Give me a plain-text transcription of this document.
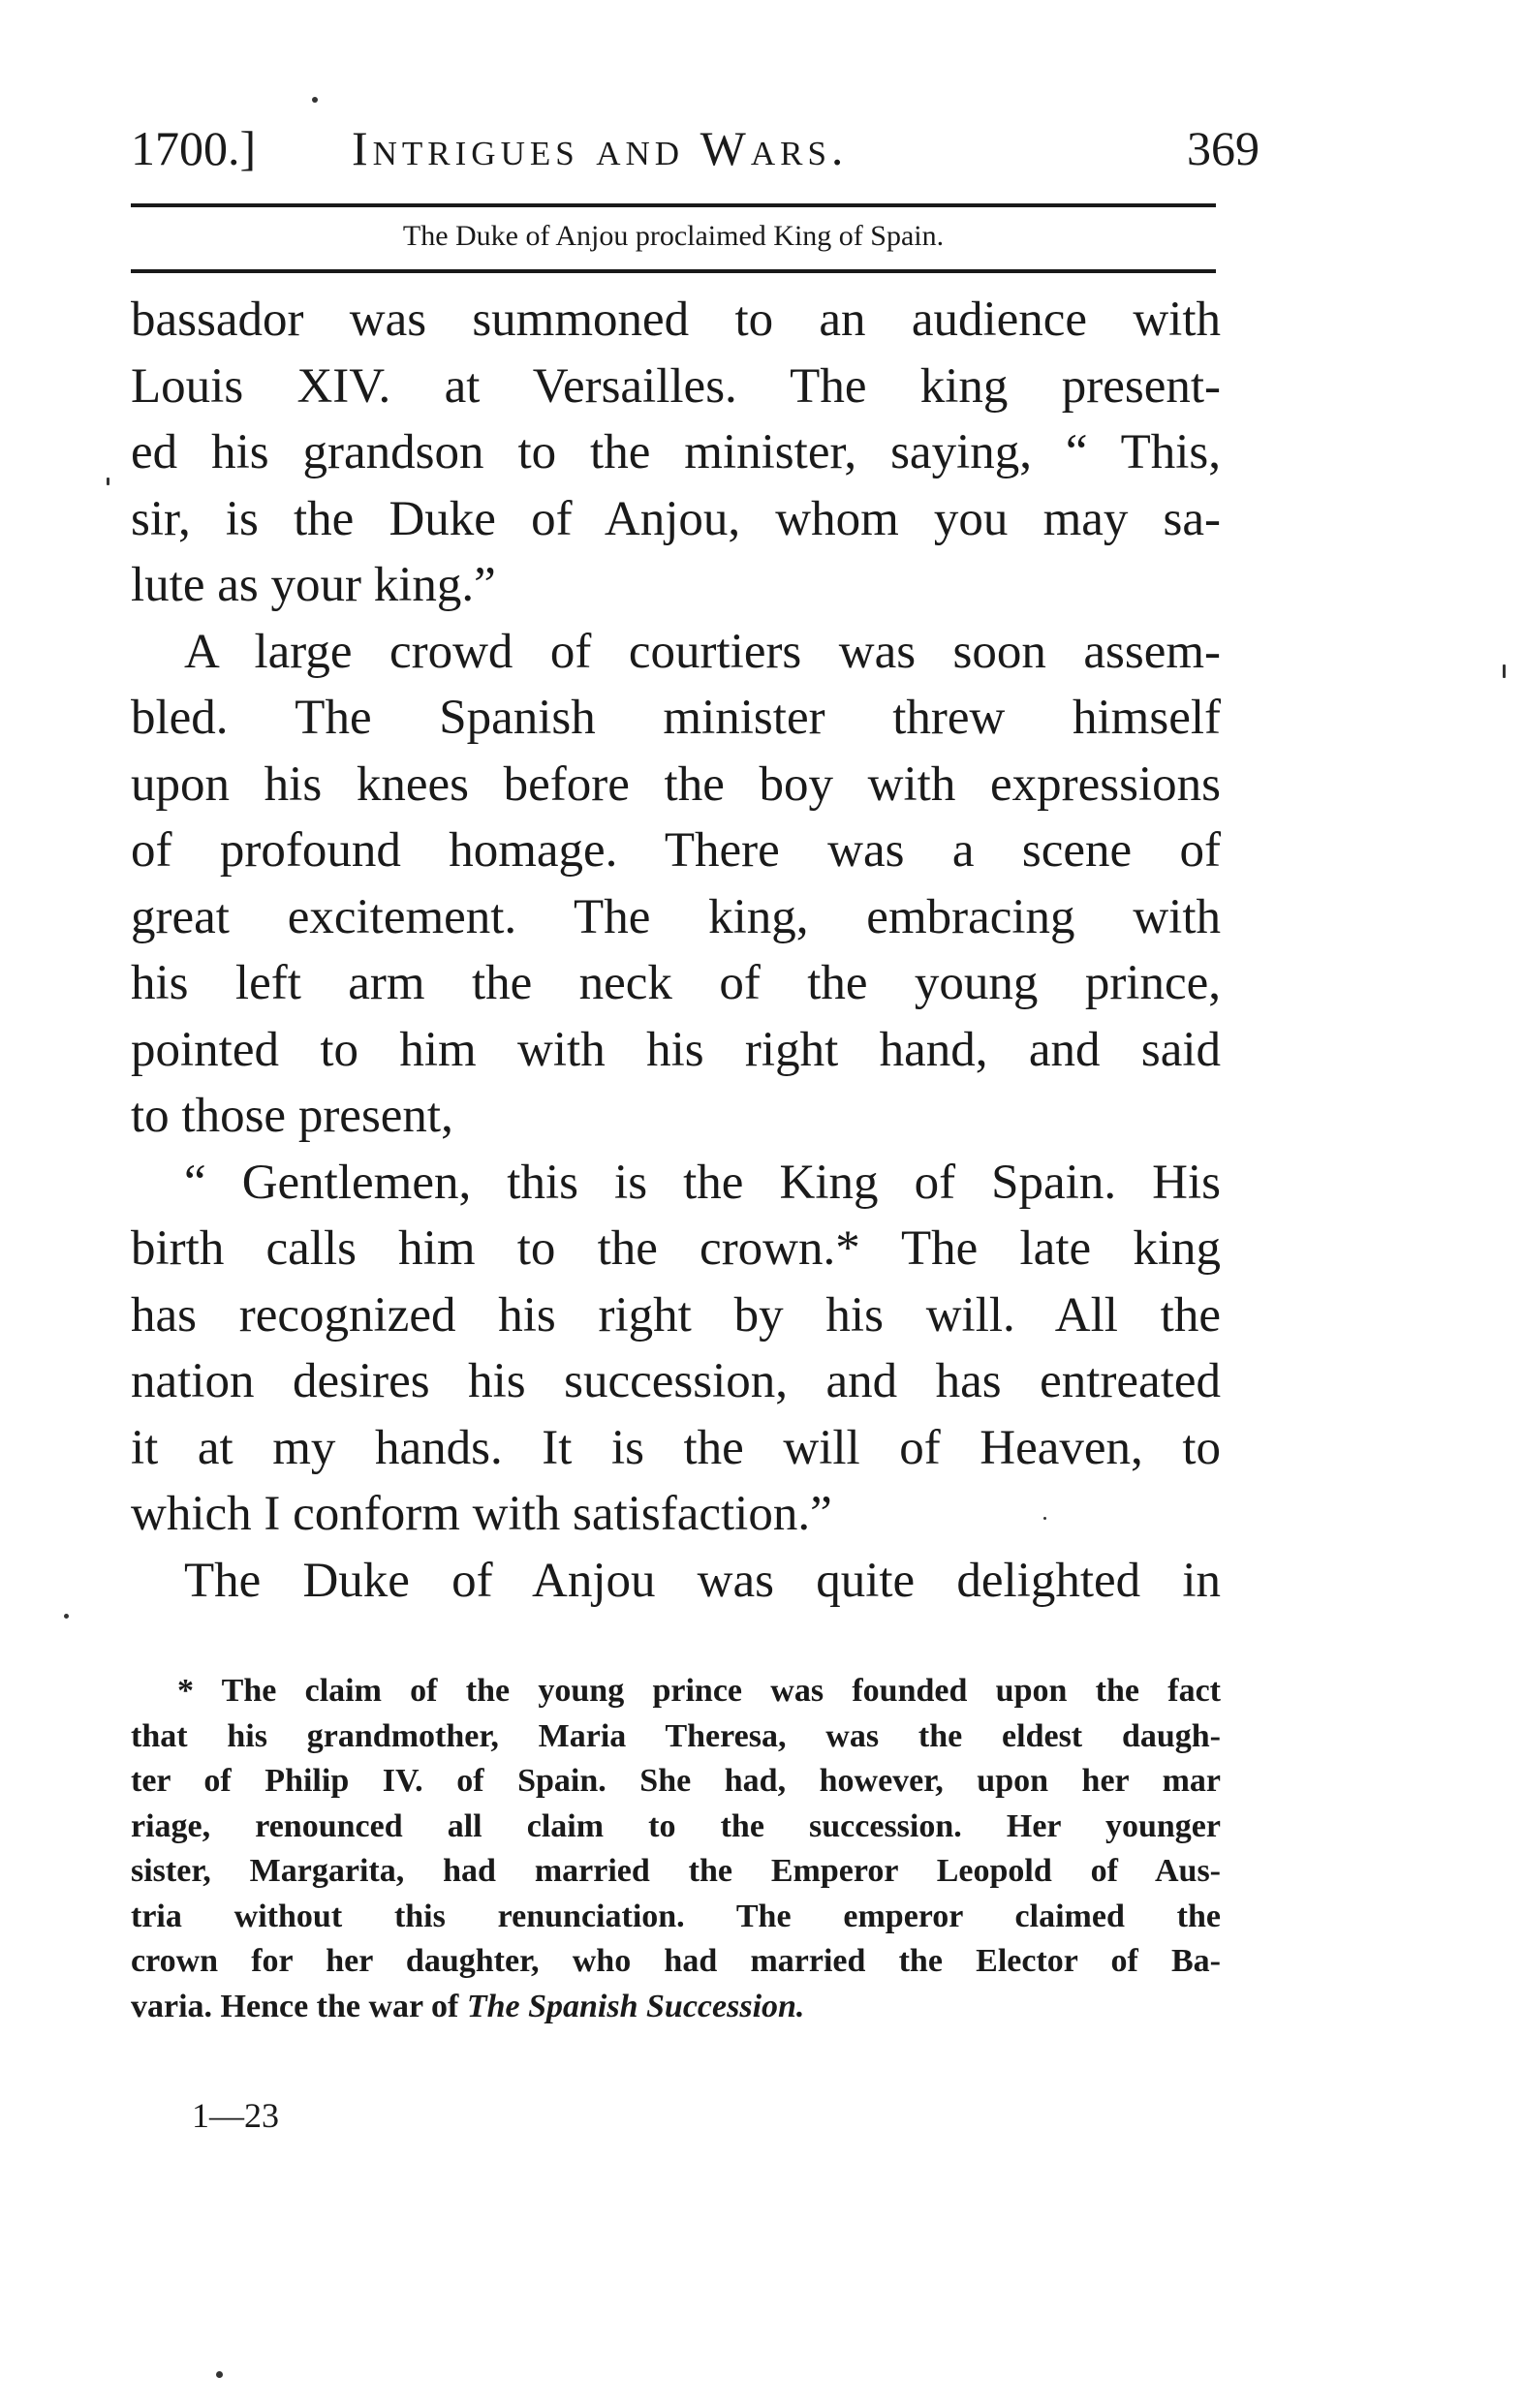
1700.] Intrigues and Wars.	369
The Duke of Anjou proclaimed King of Spain.
bassador was summoned to an audience with
Louis XIV. at Versailles. The king present-
ed his grandson to the minister, saying, “ This,
sir, is the Duke of Anjou, whom you may sa-
lute as your king.”
A large crowd of courtiers was soon assem-
bled. The Spanish minister threw himself
upon his knees before the boy with expressions
of profound homage. There was a scene of
great excitement. The king, embracing with
his left arm the neck of the young prince,
pointed to him with his right hand, and said
to those present,
“ Gentlemen, this is the King of Spain. His
birth calls him to the crown.* The late king
has recognized his right by his will. All the
nation desires his succession, and has entreated
it at my hands. It is the will of Heaven, to
which I conform with satisfaction.”
The Duke of Anjou was quite delighted in
* The claim of the young prince was founded upon the fact
that his grandmother, Maria Theresa, was the eldest daugh-
ter of Philip IV. of Spain. She had, however, upon her mar
riage, renounced all claim to the succession. Her younger
sister, Margarita, had married the Emperor Leopold of Aus-
tria without this renunciation. The emperor claimed the
crown for her daughter, who had married the Elector of Ba-
varia. Hence the war of The Spanish Succession.
1—23
